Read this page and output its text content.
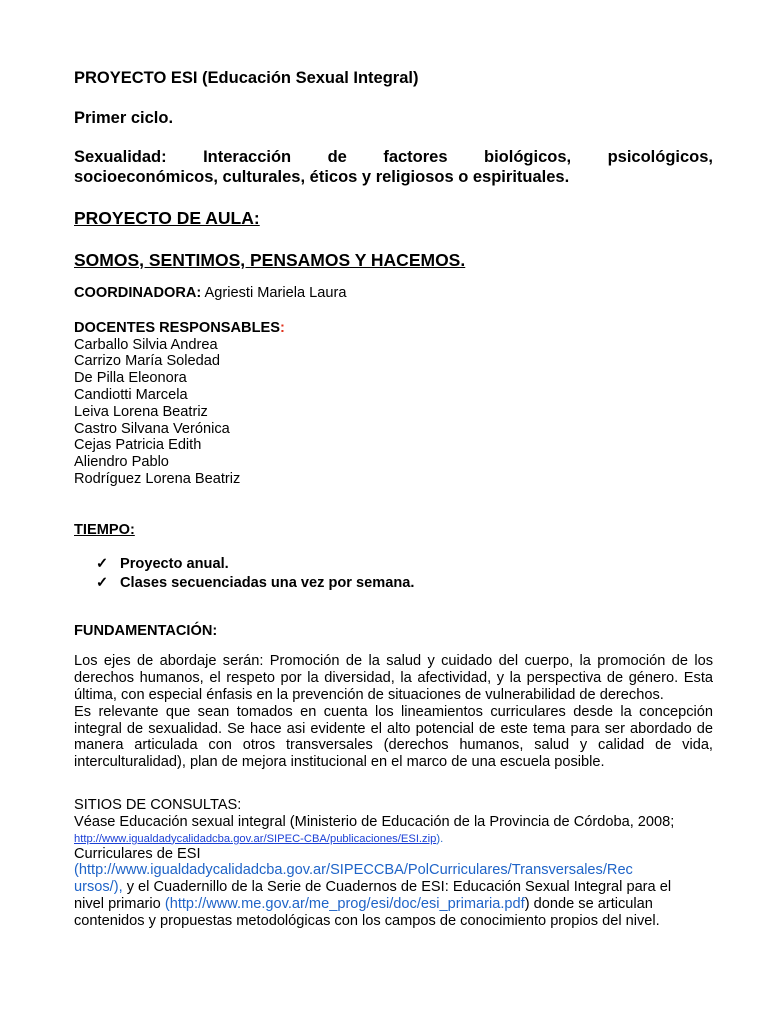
PROYECTO ESI (Educación Sexual Integral)

Primer ciclo.

Sexualidad: Interacción de factores biológicos, psicológicos,

socioeconómicos, culturales, éticos y religiosos o espirituales.

PROYECTO DE AULA:

SOMOS, SENTIMOS, PENSAMOS Y HACEMOS.

COORDINADORA: Agriesti Mariela Laura

DOCENTES RESPONSABLES:

Carballo Silvia Andrea

Carrizo María Soledad

De Pilla Eleonora

Candiotti Marcela

Leiva Lorena Beatriz

Castro Silvana Verónica

Cejas Patricia Edith

Aliendro Pablo

Rodríguez Lorena Beatriz

TIEMPO:

✓ Proyecto anual.
✓ Clases secuenciadas una vez por semana.

FUNDAMENTACIÓN:

Los ejes de abordaje serán: Promoción de la salud y cuidado del cuerpo, la promoción de los derechos humanos, el respeto por la diversidad, la afectividad, y la perspectiva de género. Esta última, con especial énfasis en la prevención de situaciones de vulnerabilidad de derechos.

Es relevante que sean tomados en cuenta los lineamientos curriculares desde la concepción integral de sexualidad. Se hace asi evidente el alto potencial de este tema para ser abordado de manera articulada con otros transversales (derechos humanos, salud y calidad de vida, interculturalidad), plan de mejora institucional en el marco de una escuela posible.

SITIOS DE CONSULTAS:

Véase Educación sexual integral (Ministerio de Educación de la Provincia de Córdoba, 2008;

http://www.igualdadycalidadcba.gov.ar/SIPEC-CBA/publicaciones/ESI.zip).

Curriculares de ESI

(http://www.igualdadycalidadcba.gov.ar/SIPECCBA/PolCurriculares/Transversales/Rec

ursos/), y el Cuadernillo de la Serie de Cuadernos de ESI: Educación Sexual Integral para el

nivel primario (http://www.me.gov.ar/me_prog/esi/doc/esi_primaria.pdf) donde se articulan

contenidos y propuestas metodológicas con los campos de conocimiento propios del nivel.
